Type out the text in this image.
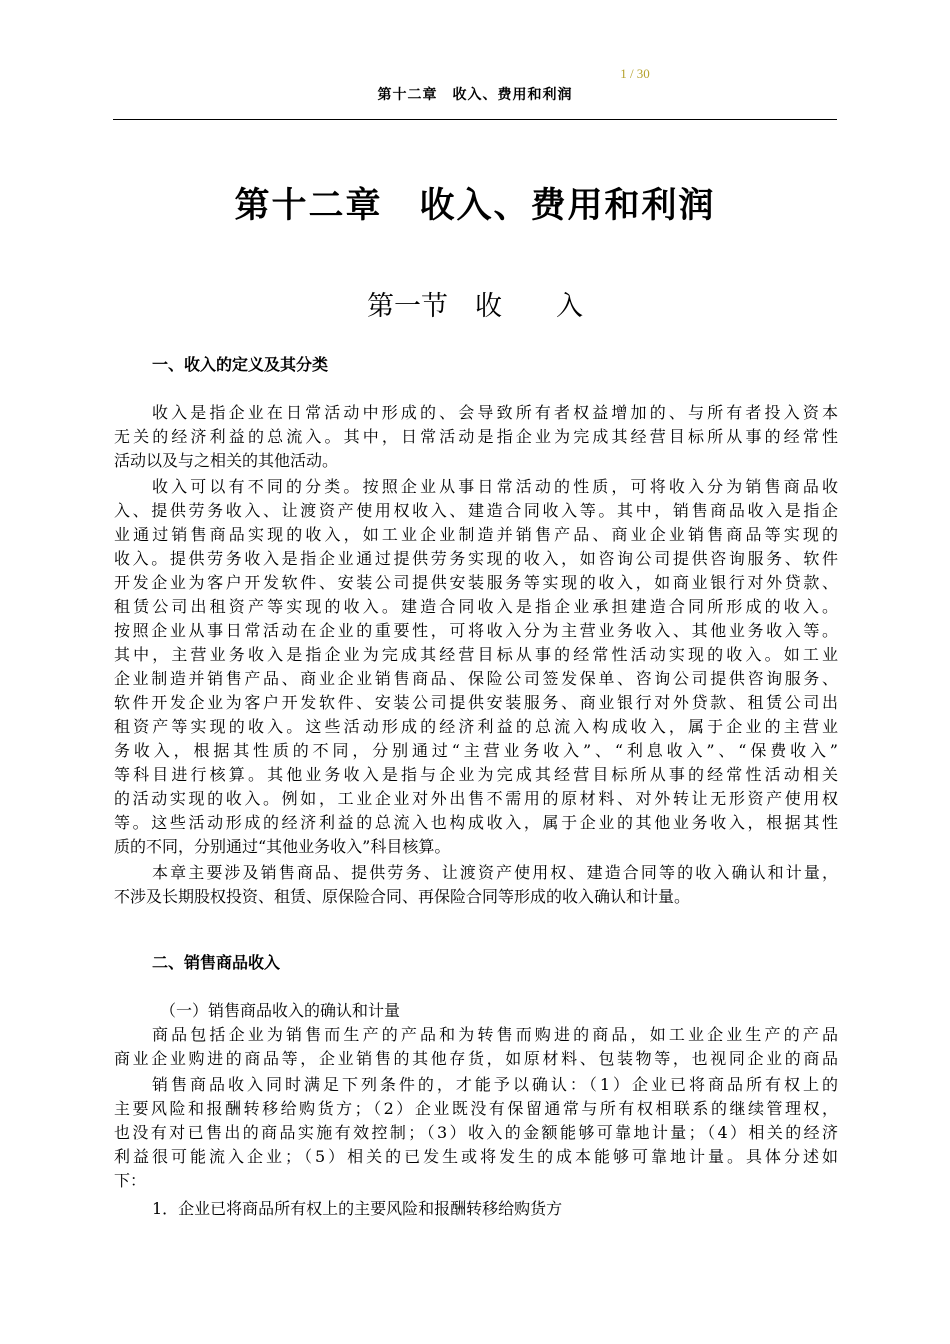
1 / 30
第十二章　收入、费用和利润
第十二章　收入、费用和利润
第一节　收　　入
一、收入的定义及其分类
收入是指企业在日常活动中形成的、会导致所有者权益增加的、与所有者投入资本
无关的经济利益的总流入。其中，日常活动是指企业为完成其经营目标所从事的经常性
活动以及与之相关的其他活动。
收入可以有不同的分类。按照企业从事日常活动的性质，可将收入分为销售商品收
入、提供劳务收入、让渡资产使用权收入、建造合同收入等。其中，销售商品收入是指企
业通过销售商品实现的收入，如工业企业制造并销售产品、商业企业销售商品等实现的
收入。提供劳务收入是指企业通过提供劳务实现的收入，如咨询公司提供咨询服务、软件
开发企业为客户开发软件、安装公司提供安装服务等实现的收入，如商业银行对外贷款、
租赁公司出租资产等实现的收入。建造合同收入是指企业承担建造合同所形成的收入。
按照企业从事日常活动在企业的重要性，可将收入分为主营业务收入、其他业务收入等。
其中，主营业务收入是指企业为完成其经营目标从事的经常性活动实现的收入。如工业
企业制造并销售产品、商业企业销售商品、保险公司签发保单、咨询公司提供咨询服务、
软件开发企业为客户开发软件、安装公司提供安装服务、商业银行对外贷款、租赁公司出
租资产等实现的收入。这些活动形成的经济利益的总流入构成收入，属于企业的主营业
务收入，根据其性质的不同，分别通过“主营业务收入”、“利息收入”、“保费收入”
等科目进行核算。其他业务收入是指与企业为完成其经营目标所从事的经常性活动相关
的活动实现的收入。例如，工业企业对外出售不需用的原材料、对外转让无形资产使用权
等。这些活动形成的经济利益的总流入也构成收入，属于企业的其他业务收入，根据其性
质的不同，分别通过“其他业务收入”科目核算。
本章主要涉及销售商品、提供劳务、让渡资产使用权、建造合同等的收入确认和计量，
不涉及长期股权投资、租赁、原保险合同、再保险合同等形成的收入确认和计量。
二、销售商品收入
（一）销售商品收入的确认和计量
商品包括企业为销售而生产的产品和为转售而购进的商品，如工业企业生产的产品
商业企业购进的商品等，企业销售的其他存货，如原材料、包装物等，也视同企业的商品
销售商品收入同时满足下列条件的，才能予以确认：（1）企业已将商品所有权上的
主要风险和报酬转移给购货方；（2）企业既没有保留通常与所有权相联系的继续管理权，
也没有对已售出的商品实施有效控制；（3）收入的金额能够可靠地计量；（4）相关的经济
利益很可能流入企业；（5）相关的已发生或将发生的成本能够可靠地计量。具体分述如
下：
1．企业已将商品所有权上的主要风险和报酬转移给购货方
